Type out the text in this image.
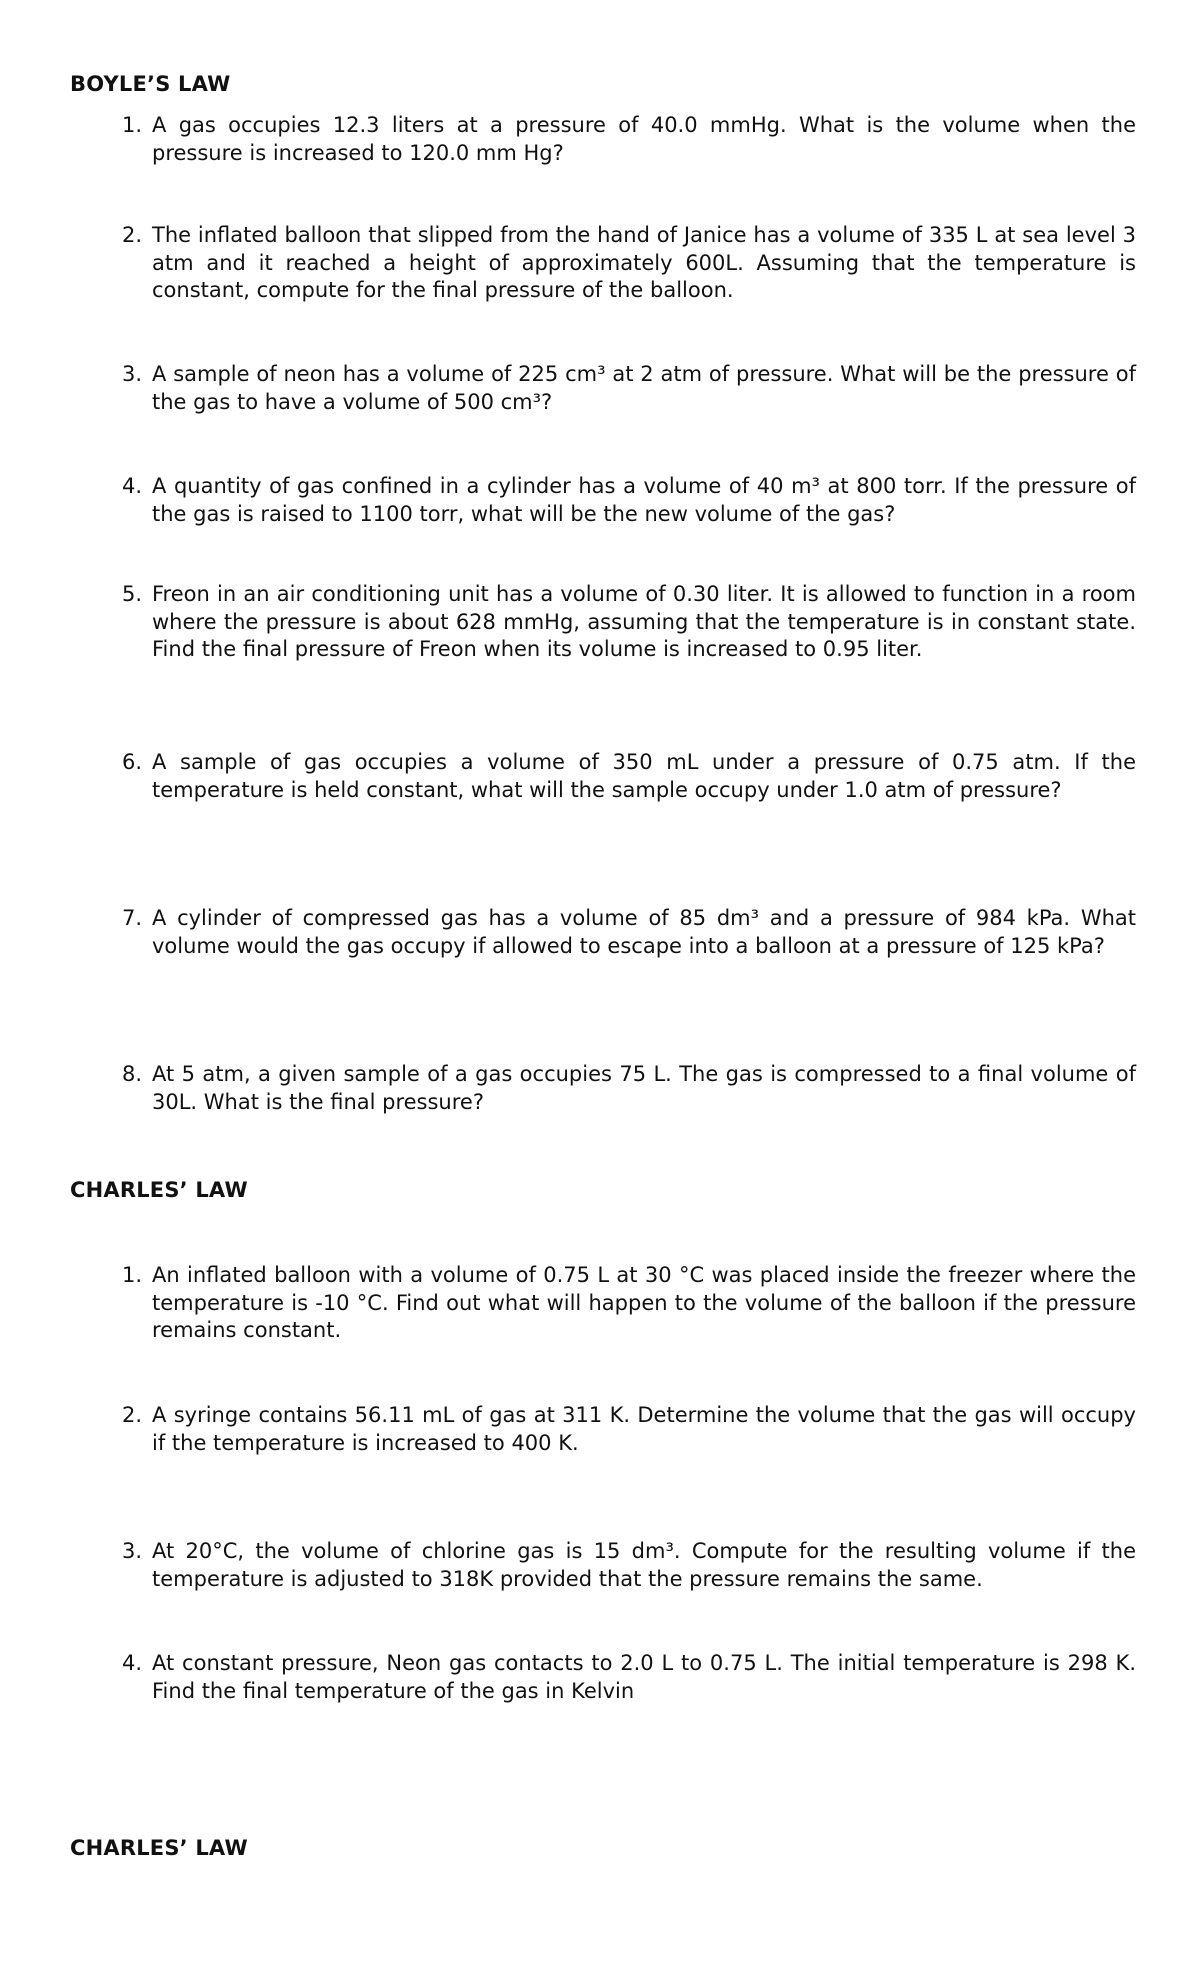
BOYLE’S LAW
1. A gas occupies 12.3 liters at a pressure of 40.0 mmHg. What is the volume when the pressure is increased to 120.0 mm Hg?
2. The inflated balloon that slipped from the hand of Janice has a volume of 335 L at sea level 3 atm and it reached a height of approximately 600L. Assuming that the temperature is constant, compute for the final pressure of the balloon.
3. A sample of neon has a volume of 225 cm³ at 2 atm of pressure. What will be the pressure of the gas to have a volume of 500 cm³?
4. A quantity of gas confined in a cylinder has a volume of 40 m³ at 800 torr. If the pressure of the gas is raised to 1100 torr, what will be the new volume of the gas?
5. Freon in an air conditioning unit has a volume of 0.30 liter. It is allowed to function in a room where the pressure is about 628 mmHg, assuming that the temperature is in constant state. Find the final pressure of Freon when its volume is increased to 0.95 liter.
6. A sample of gas occupies a volume of 350 mL under a pressure of 0.75 atm. If the temperature is held constant, what will the sample occupy under 1.0 atm of pressure?
7. A cylinder of compressed gas has a volume of 85 dm³ and a pressure of 984 kPa. What volume would the gas occupy if allowed to escape into a balloon at a pressure of 125 kPa?
8. At 5 atm, a given sample of a gas occupies 75 L. The gas is compressed to a final volume of 30L. What is the final pressure?
CHARLES’ LAW
1. An inflated balloon with a volume of 0.75 L at 30 °C was placed inside the freezer where the temperature is -10 °C. Find out what will happen to the volume of the balloon if the pressure remains constant.
2. A syringe contains 56.11 mL of gas at 311 K. Determine the volume that the gas will occupy if the temperature is increased to 400 K.
3. At 20°C, the volume of chlorine gas is 15 dm³. Compute for the resulting volume if the temperature is adjusted to 318K provided that the pressure remains the same.
4. At constant pressure, Neon gas contacts to 2.0 L to 0.75 L. The initial temperature is 298 K. Find the final temperature of the gas in Kelvin
CHARLES’ LAW
